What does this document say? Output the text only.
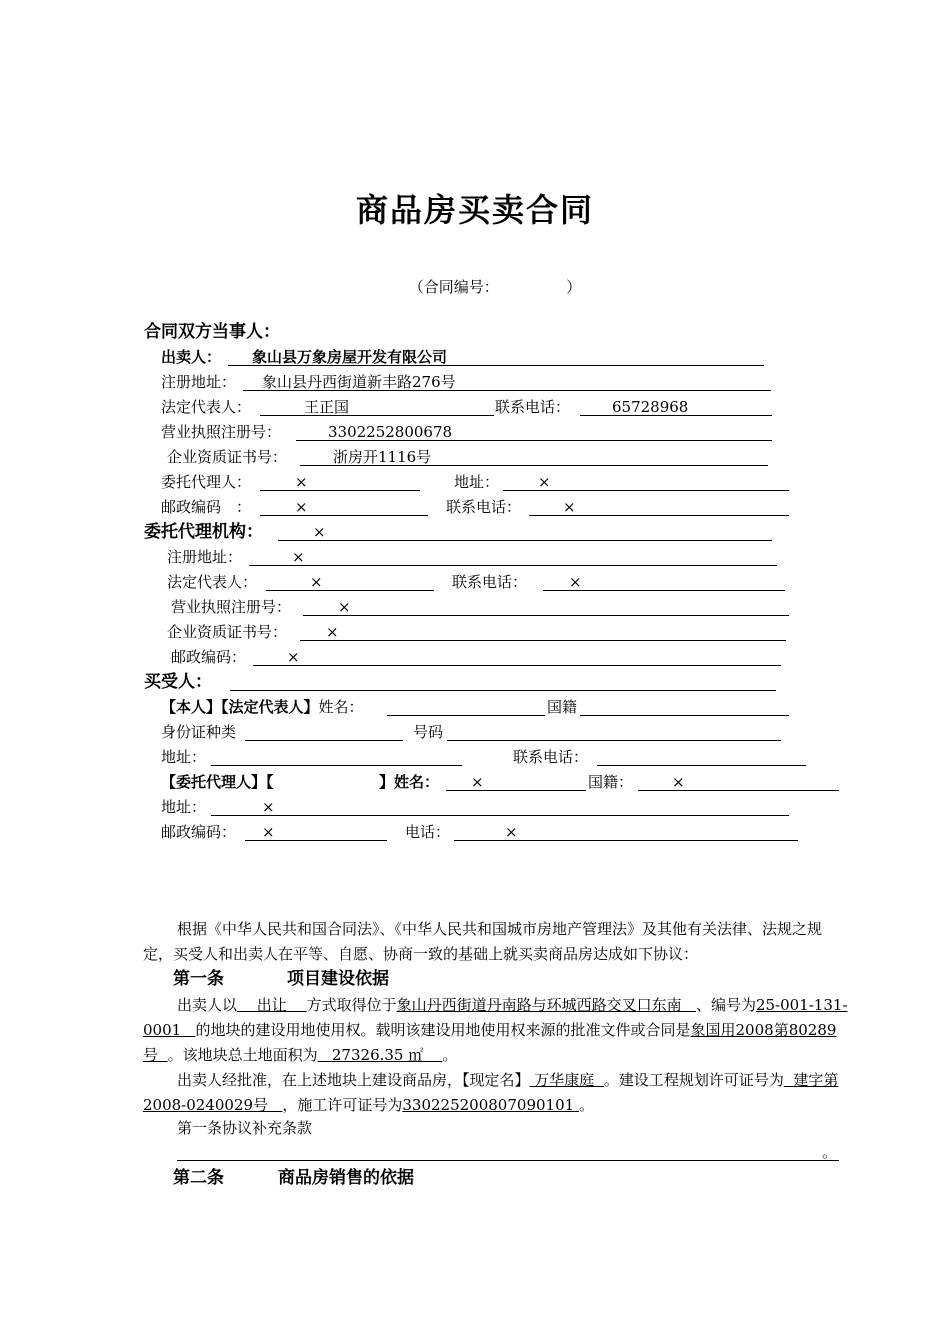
商品房买卖合同
（合同编号：　　　　　）
合同双方当事人：
出卖人： 象山县万象房屋开发有限公司
注册地址： 象山县丹西街道新丰路276号
法定代表人：	王正国	联系电话：	65728968
营业执照注册号：	3302252800678
企业资质证书号：	浙房开1116号
委托代理人：	×	地址：	×
邮政编码　：	×	联系电话：	×
委托代理机构：	×
注册地址：	×
法定代表人：	×	联系电话：	×
营业执照注册号：	×
企业资质证书号：	×
邮政编码：	×
买受人：
【本人】【法定代表人】姓名：	国籍
身份证种类	号码
地址：	联系电话：
【委托代理人】【	】姓名： ×	国籍：	×
地址：	×
邮政编码： ×	电话：	×
根据《中华人民共和国合同法》、《中华人民共和国城市房地产管理法》及其他有关法律、法规之规定，买受人和出卖人在平等、自愿、协商一致的基础上就买卖商品房达成如下协议：
第一条	项目建设依据
出卖人以　 出让　 方式取得位于象山丹西街道丹南路与环城西路交叉口东南 、编号为25-001-131-0001 的地块的建设用地使用权。载明该建设用地使用权来源的批准文件或合同是象国用2008第80289号 。该地块总土地面积为 27326.35 ㎡ 。
出卖人经批准，在上述地块上建设商品房，【现定名】 万华康庭 。建设工程规划许可证号为 建字第2008-0240029号 ，施工许可证号为330225200807090101 。
第一条协议补充条款
。
第二条	商品房销售的依据
